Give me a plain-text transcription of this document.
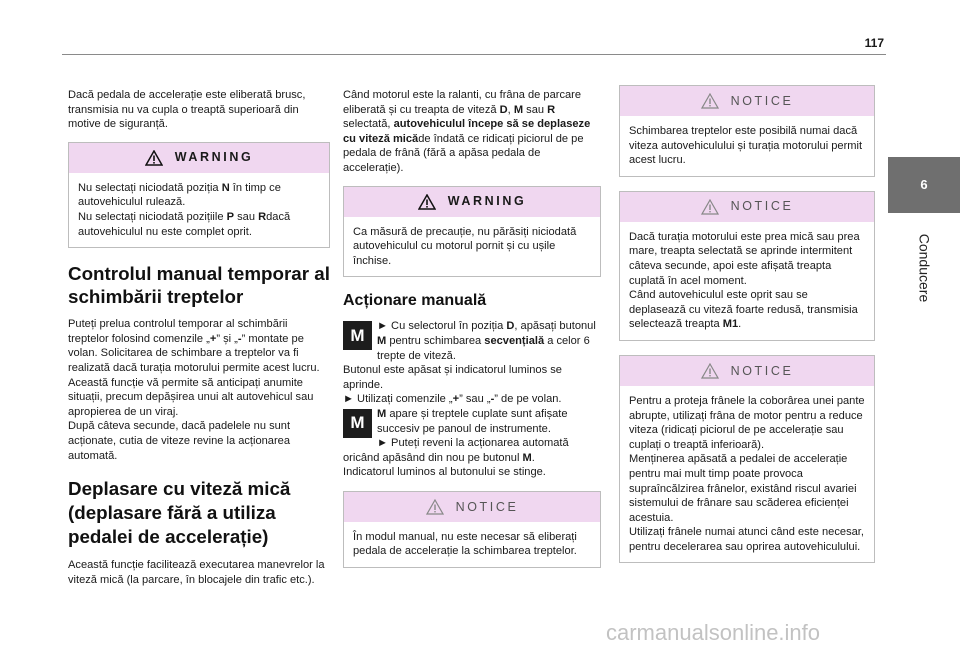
117
6
Conducere

Dacă pedala de accelerație este eliberată brusc, transmisia nu va cupla o treaptă superioară din motive de siguranță.

WARNING
Nu selectați niciodată poziția N în timp ce autovehiculul rulează.
Nu selectați niciodată pozițiile P sau Rdacă autovehiculul nu este complet oprit.
Controlul manual temporar al schimbării treptelor

Puteți prelua controlul temporar al schimbării treptelor folosind comenzile „+” și „-” montate pe volan. Solicitarea de schimbare a treptelor va fi realizată dacă turația motorului permite acest lucru.

Această funcție vă permite să anticipați anumite situații, precum depășirea unui alt autovehicul sau apropierea de un viraj.

După câteva secunde, dacă padelele nu sunt acționate, cutia de viteze revine la acționarea automată.

Deplasare cu viteză mică (deplasare fără a utiliza pedalei de accelerație)

Această funcție facilitează executarea manevrelor la viteză mică (la parcare, în blocajele din trafic etc.).

Când motorul este la ralanti, cu frâna de parcare eliberată și cu treapta de viteză D, M sau R selectată, autovehiculul începe să se deplaseze cu viteză micăde îndată ce ridicați piciorul de pe pedala de frână (fără a apăsa pedala de accelerație).

WARNING
Ca măsură de precauție, nu părăsiți niciodată autovehiculul cu motorul pornit și cu ușile închise.
Acționare manuală
M	► Cu selectorul în poziția D, apăsați butonul M pentru schimbarea secvențială a celor 6 trepte de viteză.
Butonul este apăsat și indicatorul luminos se aprinde.
► Utilizați comenzile „+” sau „-” de pe volan.
M	M apare și treptele cuplate sunt afișate succesiv pe panoul de instrumente.
► Puteți reveni la acționarea automată oricând apăsând din nou pe butonul M.
Indicatorul luminos al butonului se stinge.
NOTICE
În modul manual, nu este necesar să eliberați pedala de accelerație la schimbarea treptelor.
NOTICE
Schimbarea treptelor este posibilă numai dacă viteza autovehiculului și turația motorului permit acest lucru.
NOTICE
Dacă turația motorului este prea mică sau prea mare, treapta selectată se aprinde intermitent câteva secunde, apoi este afișată treapta cuplată în acel moment.
Când autovehiculul este oprit sau se deplasează cu viteză foarte redusă, transmisia selectează treapta M1.
NOTICE
Pentru a proteja frânele la coborârea unei pante abrupte, utilizați frâna de motor pentru a reduce viteza (ridicați piciorul de pe accelerație sau cuplați o treaptă inferioară).
Menținerea apăsată a pedalei de accelerație pentru mai mult timp poate provoca supraîncălzirea frânelor, existând riscul avariei sistemului de frânare sau scăderea eficienței acestuia.
Utilizați frânele numai atunci când este necesar, pentru decelerarea sau oprirea autovehiculului.
carmanualsonline.info
